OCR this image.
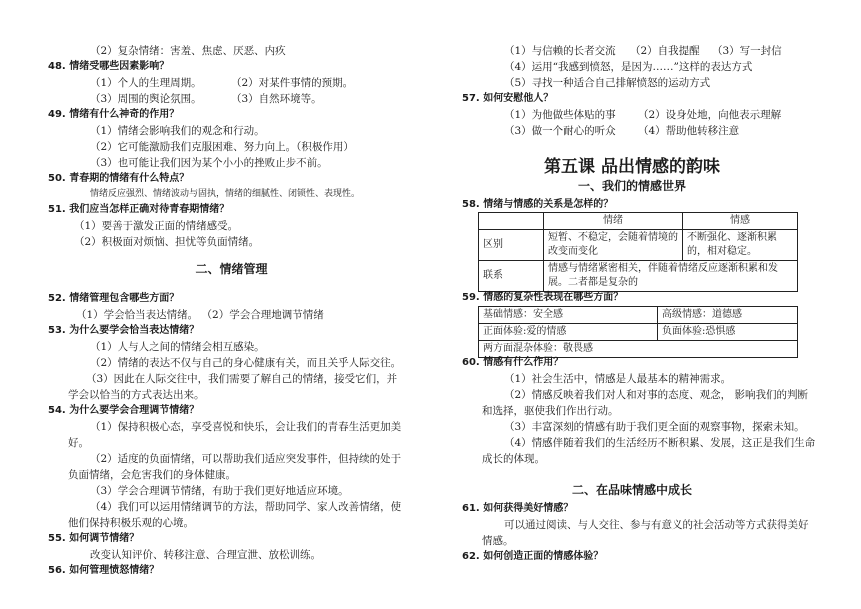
（2）复杂情绪：害羞、焦虑、厌恶、内疚
48. 情绪受哪些因素影响？
（1）个人的生理周期。	（2）对某件事情的预期。
（3）周围的舆论氛围。	（3）自然环境等。
49. 情绪有什么神奇的作用？
（1）情绪会影响我们的观念和行动。
（2）它可能激励我们克服困难、努力向上。（积极作用）
（3）也可能让我们因为某个小小的挫败止步不前。
50. 青春期的情绪有什么特点？
情绪反应强烈、情绪波动与固执，情绪的细腻性、闭锁性、表现性。
51. 我们应当怎样正确对待青春期情绪？
（1）要善于激发正面的情绪感受。
（2）积极面对烦恼、担忧等负面情绪。
二、情绪管理
52. 情绪管理包含哪些方面？
（1）学会恰当表达情绪。 （2）学会合理地调节情绪
53. 为什么要学会恰当表达情绪？
（1）人与人之间的情绪会相互感染。
（2）情绪的表达不仅与自己的身心健康有关，而且关乎人际交往。
（3）因此在人际交往中，我们需要了解自己的情绪，接受它们，并
学会以恰当的方式表达出来。
54. 为什么要学会合理调节情绪？
（1）保持积极心态，享受喜悦和快乐，会让我们的青春生活更加美
好。
（2）适度的负面情绪，可以帮助我们适应突发事件，但持续的处于
负面情绪，会危害我们的身体健康。
（3）学会合理调节情绪，有助于我们更好地适应环境。
（4）我们可以运用情绪调节的方法，帮助同学、家人改善情绪，使
他们保持积极乐观的心境。
55. 如何调节情绪？
改变认知评价、转移注意、合理宣泄、放松训练。
56. 如何管理愤怒情绪？
（1）与信赖的长者交流 （2）自我提醒 （3）写一封信
（4）运用“我感到愤怒，是因为……”这样的表达方式
（5）寻找一种适合自己排解愤怒的运动方式
57. 如何安慰他人？
（1）为他做些体贴的事 （2）设身处地，向他表示理解
（3）做一个耐心的听众 （4）帮助他转移注意
第五课 品出情感的韵味
一、我们的情感世界
58. 情绪与情感的关系是怎样的？
	情绪	情感
区别	短暂、不稳定，会随着情境的改变而变化	不断强化、逐渐积累的，相对稳定。
联系	情感与情绪紧密相关，伴随着情绪反应逐渐积累和发展。二者都是复杂的	
59. 情感的复杂性表现在哪些方面？
基础情感：安全感	高级情感：道德感
正面体验:爱的情感	负面体验:恐惧感
两方面混杂体验：敬畏感	
60. 情感有什么作用？
（1）社会生活中，情感是人最基本的精神需求。
（2）情感反映着我们对人和对事的态度、观念， 影响我们的判断
和选择，驱使我们作出行动。
（3）丰富深刻的情感有助于我们更全面的观察事物，探索未知。
（4）情感伴随着我们的生活经历不断积累、发展，这正是我们生命
成长的体现。
二、在品味情感中成长
61. 如何获得美好情感？
可以通过阅读、与人交往、参与有意义的社会活动等方式获得美好
情感。
62. 如何创造正面的情感体验？
